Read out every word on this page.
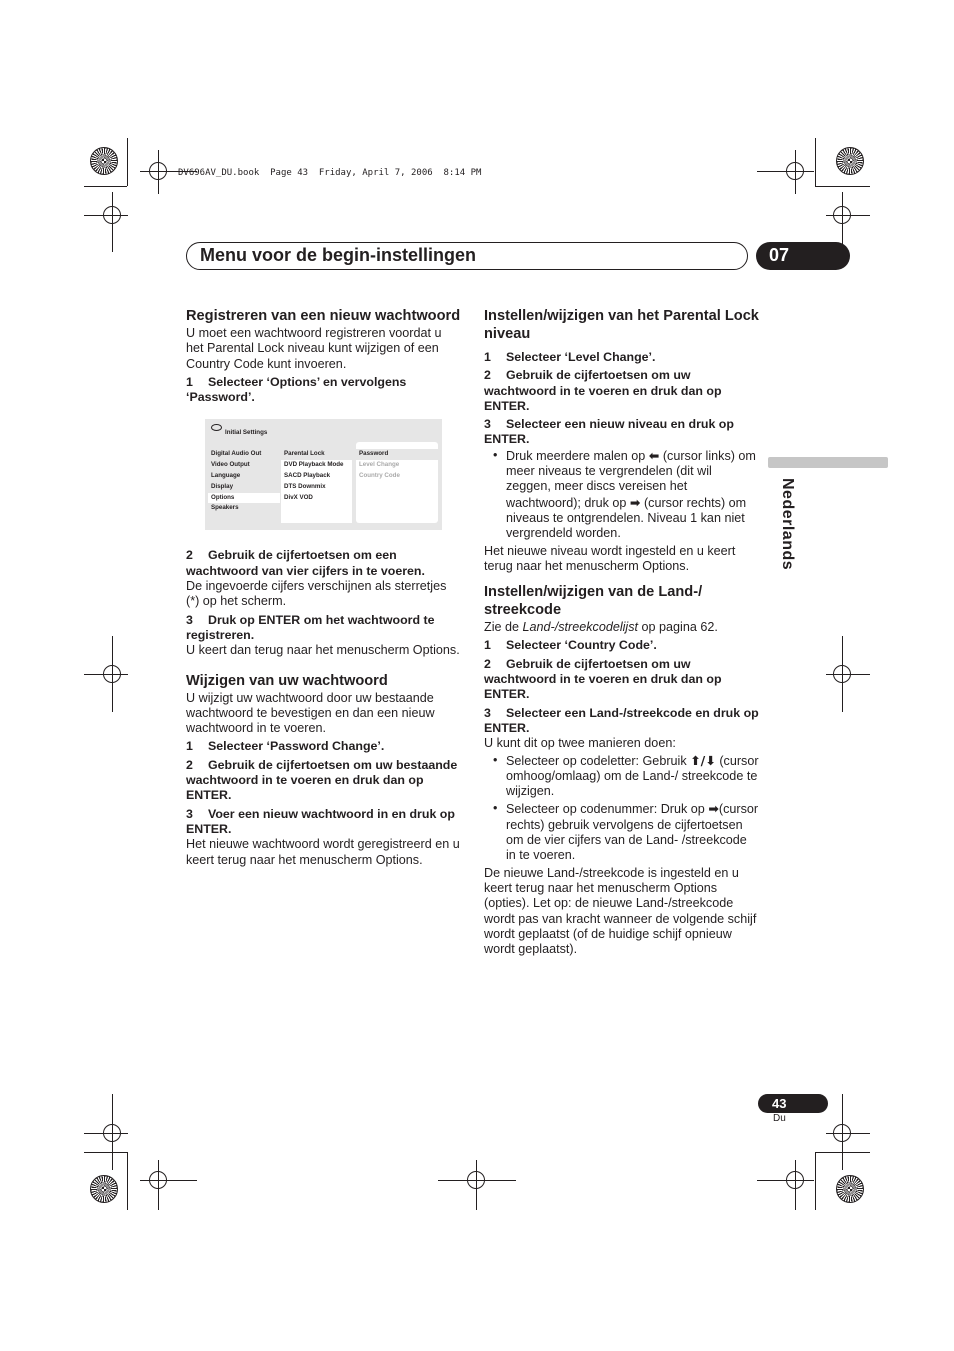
DV696AV_DU.book  Page 43  Friday, April 7, 2006  8:14 PM
Menu voor de begin-instellingen	07
Nederlands
Registreren van een nieuw wachtwoord
U moet een wachtwoord registreren voordat u het Parental Lock niveau kunt wijzigen of een Country Code kunt invoeren.
1 Selecteer ‘Options’ en vervolgens ‘Password’.
Initial Settings
Digital Audio Out
Video Output
Language
Display
Options
Speakers
Parental Lock
DVD Playback Mode
SACD Playback
DTS Downmix
DivX VOD
Password
Level Change
Country Code
2 Gebruik de cijfertoetsen om een wachtwoord van vier cijfers in te voeren.
De ingevoerde cijfers verschijnen als sterretjes (*) op het scherm.
3 Druk op ENTER om het wachtwoord te registreren.
U keert dan terug naar het menuscherm Options.
Wijzigen van uw wachtwoord
U wijzigt uw wachtwoord door uw bestaande wachtwoord te bevestigen en dan een nieuw wachtwoord in te voeren.
1 Selecteer ‘Password Change’.
2 Gebruik de cijfertoetsen om uw bestaande wachtwoord in te voeren en druk dan op ENTER.
3 Voer een nieuw wachtwoord in en druk op ENTER.
Het nieuwe wachtwoord wordt geregistreerd en u keert terug naar het menuscherm Options.
Instellen/wijzigen van het Parental Lock niveau
1 Selecteer ‘Level Change’.
2 Gebruik de cijfertoetsen om uw wachtwoord in te voeren en druk dan op ENTER.
3 Selecteer een nieuw niveau en druk op ENTER.
• Druk meerdere malen op ⬅ (cursor links) om meer niveaus te vergrendelen (dit wil zeggen, meer discs vereisen het wachtwoord); druk op ➡ (cursor rechts) om niveaus te ontgrendelen. Niveau 1 kan niet vergrendeld worden.
Het nieuwe niveau wordt ingesteld en u keert terug naar het menuscherm Options.
Instellen/wijzigen van de Land-/ streekcode
Zie de Land-/streekcodelijst op pagina 62.
1 Selecteer ‘Country Code’.
2 Gebruik de cijfertoetsen om uw wachtwoord in te voeren en druk dan op ENTER.
3 Selecteer een Land-/streekcode en druk op ENTER.
U kunt dit op twee manieren doen:
• Selecteer op codeletter: Gebruik ⬆/⬇ (cursor omhoog/omlaag) om de Land-/ streekcode te wijzigen.
• Selecteer op codenummer: Druk op ➡(cursor rechts) gebruik vervolgens de cijfertoetsen om de vier cijfers van de Land- /streekcode in te voeren.
De nieuwe Land-/streekcode is ingesteld en u keert terug naar het menuscherm Options (opties). Let op: de nieuwe Land-/streekcode wordt pas van kracht wanneer de volgende schijf wordt geplaatst (of de huidige schijf opnieuw wordt geplaatst).
43
Du
